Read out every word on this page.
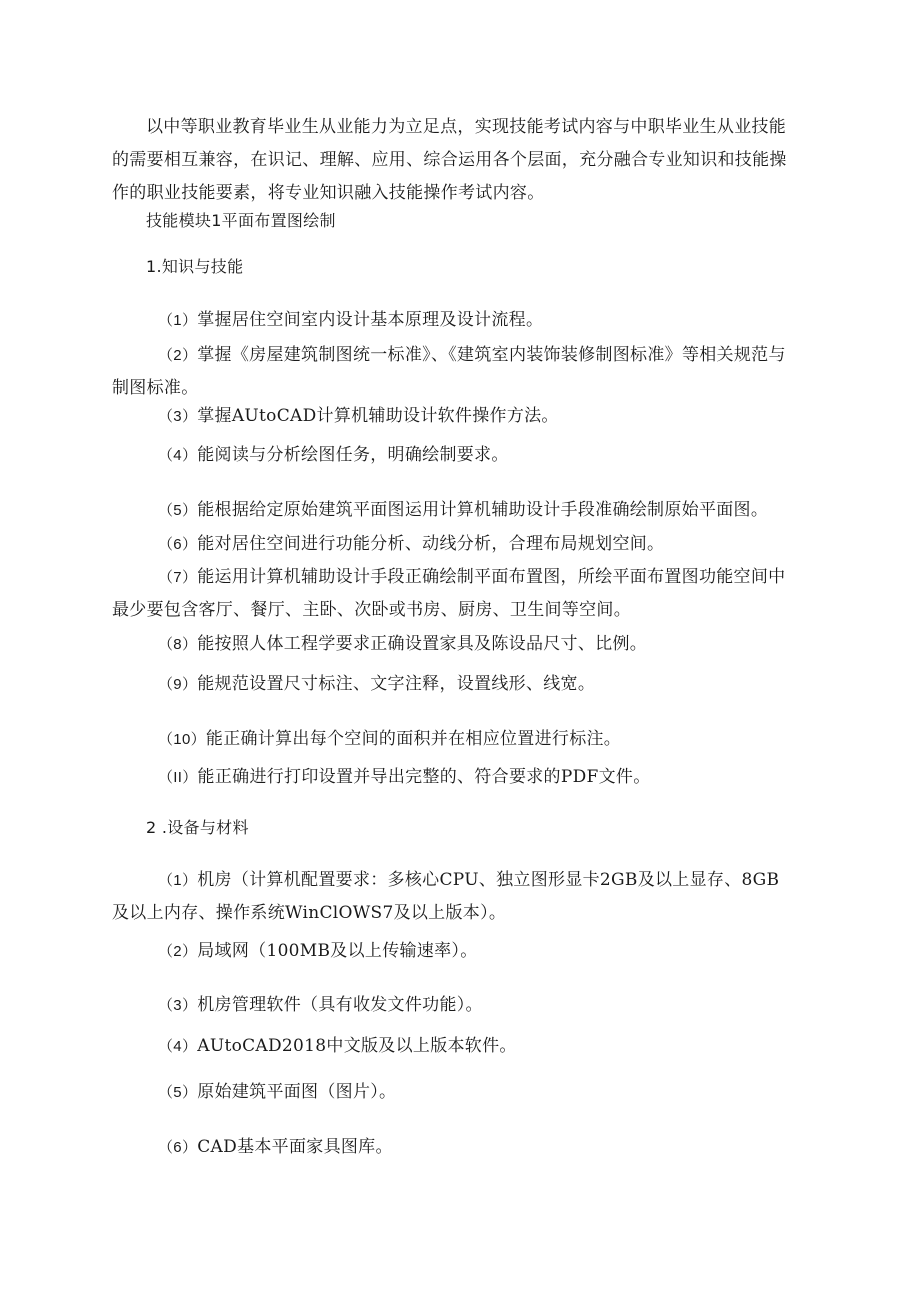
以中等职业教育毕业生从业能力为立足点，实现技能考试内容与中职毕业生从业技能的需要相互兼容，在识记、理解、应用、综合运用各个层面，充分融合专业知识和技能操作的职业技能要素，将专业知识融入技能操作考试内容。
技能模块1平面布置图绘制
1.知识与技能
（1）掌握居住空间室内设计基本原理及设计流程。
（2）掌握《房屋建筑制图统一标准》、《建筑室内装饰装修制图标准》等相关规范与制图标准。
（3）掌握AUtoCAD计算机辅助设计软件操作方法。
（4）能阅读与分析绘图任务，明确绘制要求。
（5）能根据给定原始建筑平面图运用计算机辅助设计手段准确绘制原始平面图。
（6）能对居住空间进行功能分析、动线分析，合理布局规划空间。
（7）能运用计算机辅助设计手段正确绘制平面布置图，所绘平面布置图功能空间中最少要包含客厅、餐厅、主卧、次卧或书房、厨房、卫生间等空间。
（8）能按照人体工程学要求正确设置家具及陈设品尺寸、比例。
（9）能规范设置尺寸标注、文字注释，设置线形、线宽。
（10）能正确计算出每个空间的面积并在相应位置进行标注。
（II）能正确进行打印设置并导出完整的、符合要求的PDF文件。
2 .设备与材料
（1）机房（计算机配置要求：多核心CPU、独立图形显卡2GB及以上显存、8GB及以上内存、操作系统WinClOWS7及以上版本）。
（2）局域网（100MB及以上传输速率）。
（3）机房管理软件（具有收发文件功能）。
（4）AUtoCAD2018中文版及以上版本软件。
（5）原始建筑平面图（图片）。
（6）CAD基本平面家具图库。
